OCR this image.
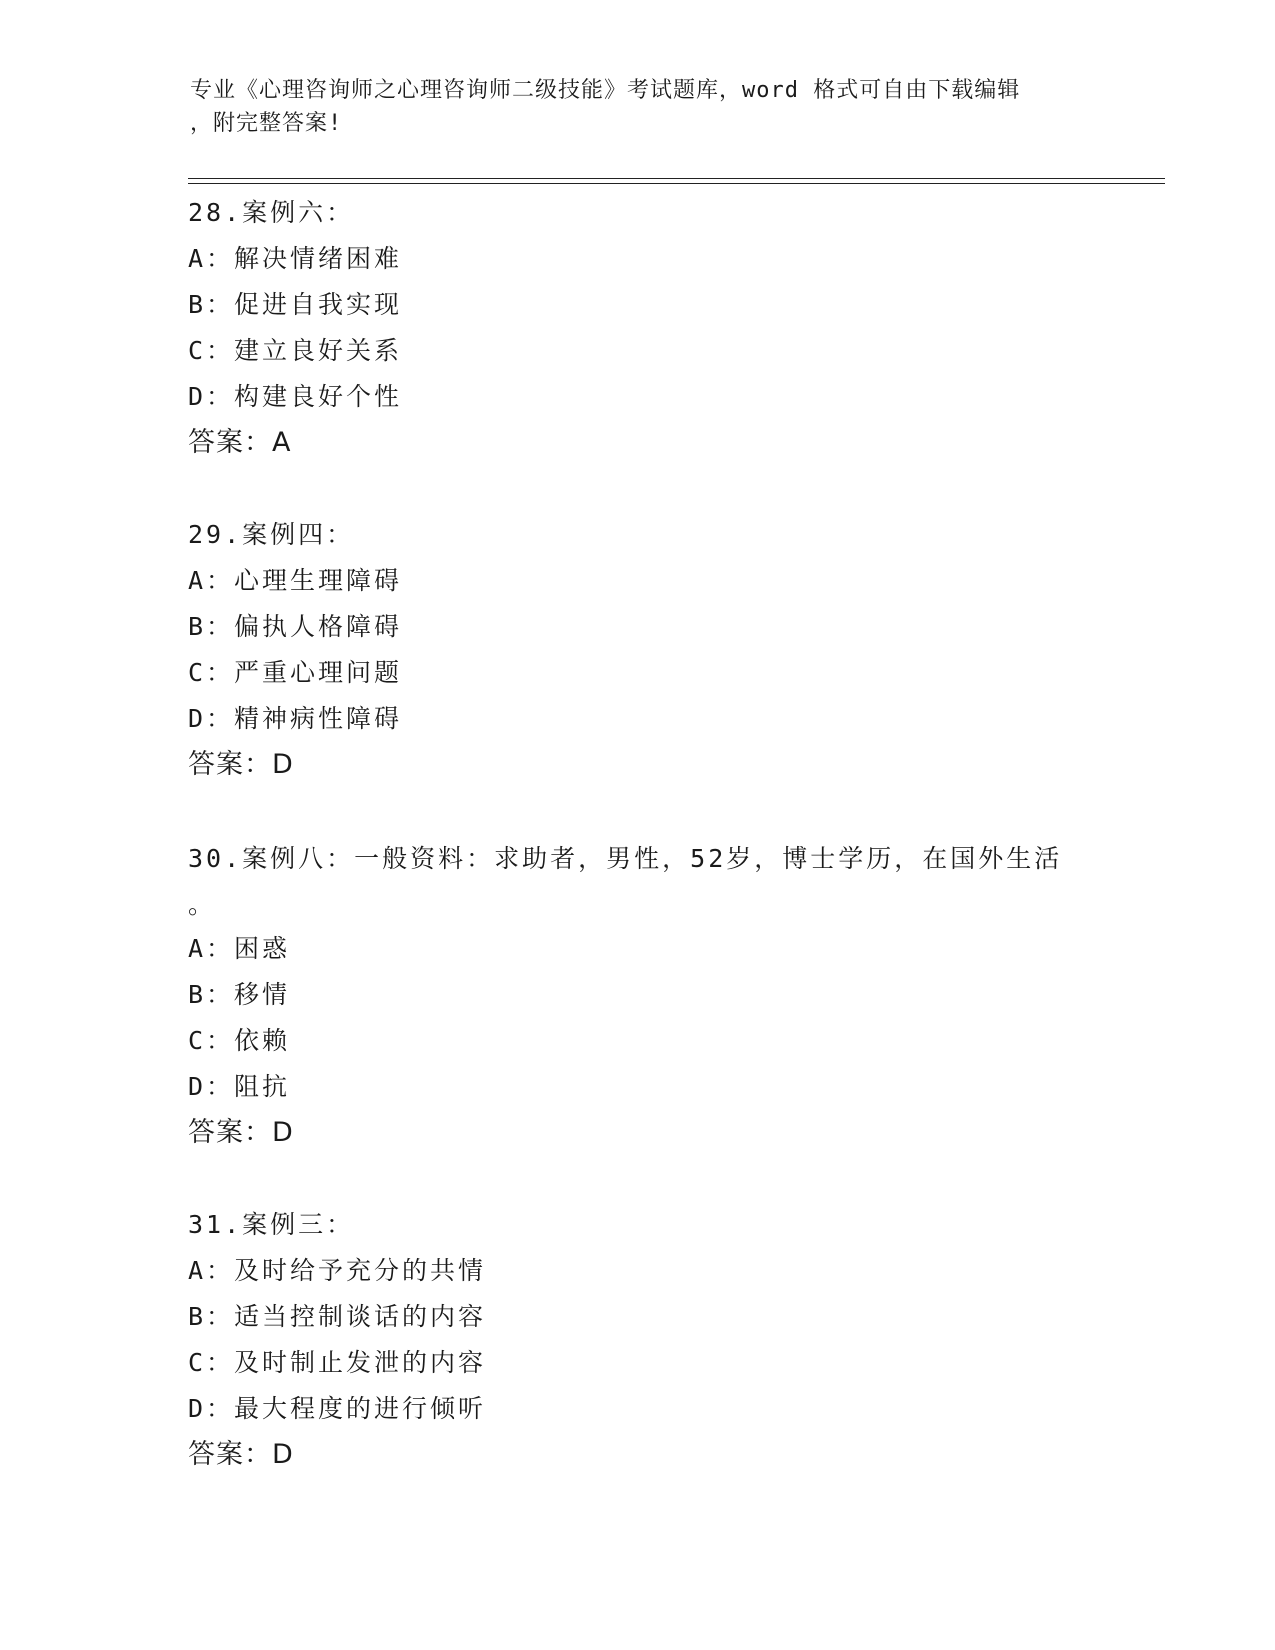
专业《心理咨询师之心理咨询师二级技能》考试题库，word 格式可自由下载编辑
，附完整答案!
28.案例六：
A：解决情绪困难
B：促进自我实现
C：建立良好关系
D：构建良好个性
答案：A
29.案例四：
A：心理生理障碍
B：偏执人格障碍
C：严重心理问题
D：精神病性障碍
答案：D
30.案例八：一般资料：求助者，男性，52岁，博士学历，在国外生活
。
A：困惑
B：移情
C：依赖
D：阻抗
答案：D
31.案例三：
A：及时给予充分的共情
B：适当控制谈话的内容
C：及时制止发泄的内容
D：最大程度的进行倾听
答案：D
